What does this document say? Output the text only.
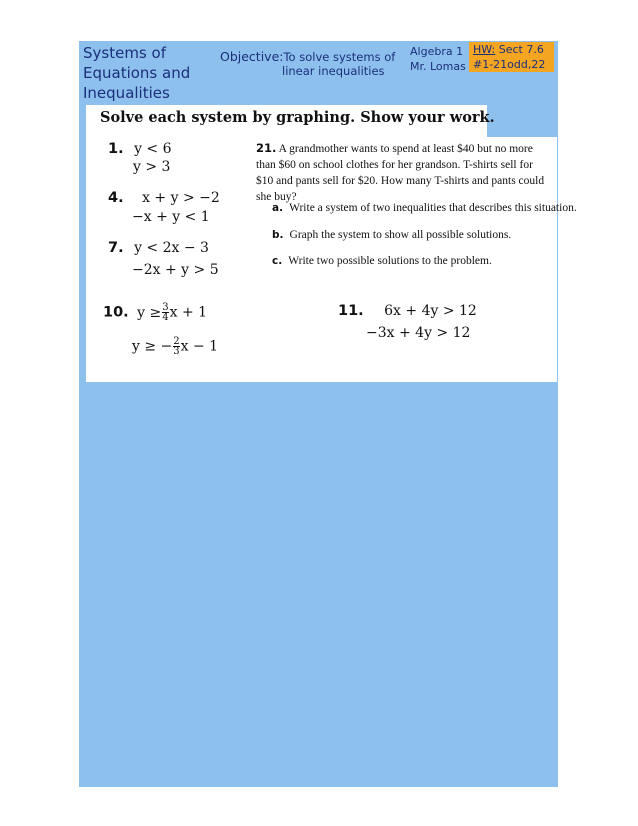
Systems of
Equations and
Inequalities
Objective:To solve systems of
linear inequalities
Algebra 1
Mr. Lomas
HW: Sect 7.6
#1-21odd,22
Solve each system by graphing. Show your work.
1. y < 6
y > 3
4. x + y > −2
−x + y < 1
7. y < 2x − 3
−2x + y > 5
10. $y \ge \frac{3}{4}$ x + 1
y ≥ − $\frac{2}{3}$ x − 1
11. 6x + 4y > 12
−3x + 4y > 12
21. A grandmother wants to spend at least $40 but no more than $60 on school clothes for her grandson. T-shirts sell for $10 and pants sell for $20. How many T-shirts and pants could she buy?
a. Write a system of two inequalities that describes this situation.
b. Graph the system to show all possible solutions.
c. Write two possible solutions to the problem.
